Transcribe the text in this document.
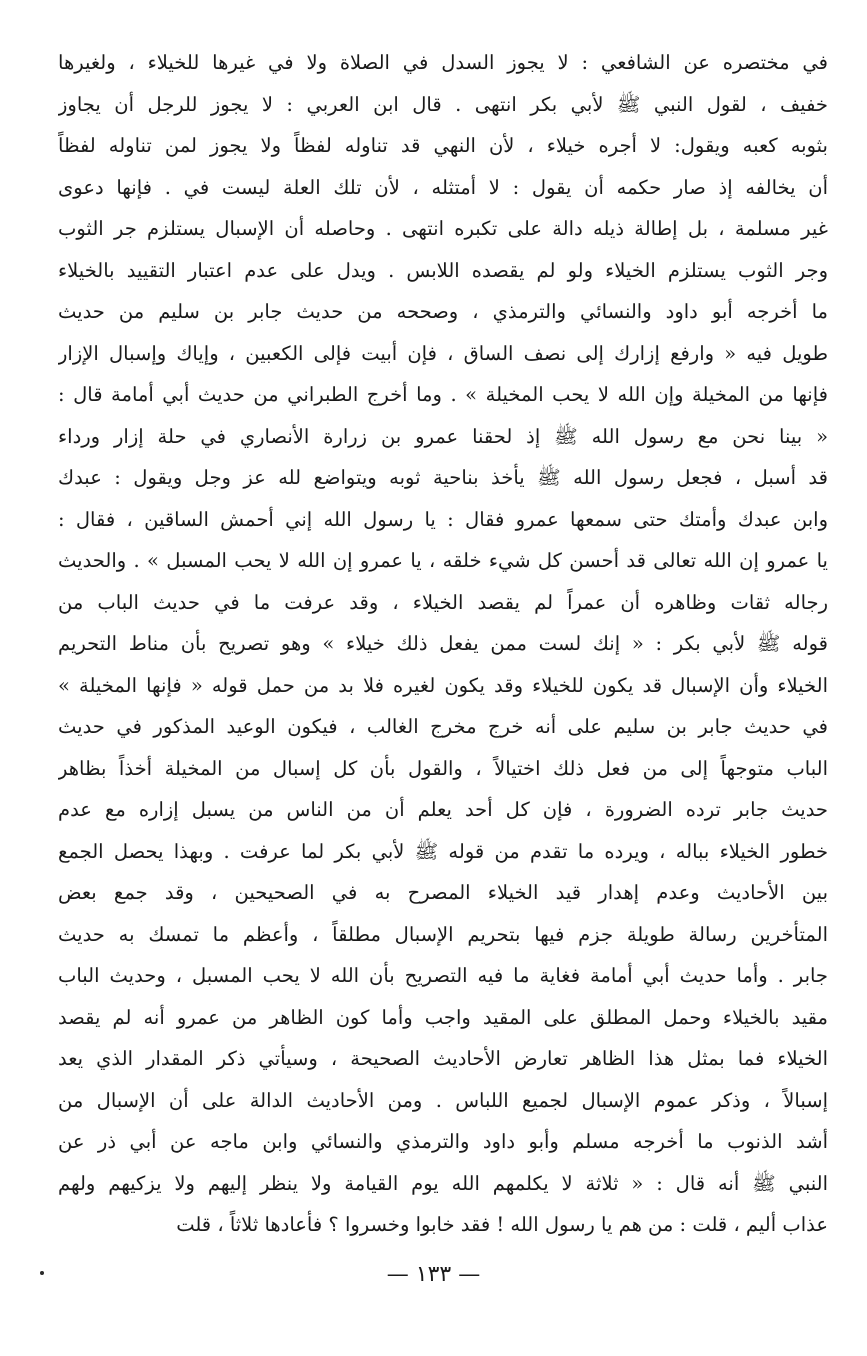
في مختصره عن الشافعي : لا يجوز السدل في الصلاة ولا في غيرها للخيلاء ، ولغيرها
خفيف ، لقول النبي ﷺ لأبي بكر انتهى . قال ابن العربي : لا يجوز للرجل أن يجاوز
بثوبه كعبه ويقول: لا أجره خيلاء ، لأن النهي قد تناوله لفظاً ولا يجوز لمن تناوله لفظاً
أن يخالفه إذ صار حكمه أن يقول : لا أمتثله ، لأن تلك العلة ليست في . فإنها دعوى
غير مسلمة ، بل إطالة ذيله دالة على تكبره انتهى . وحاصله أن الإسبال يستلزم جر الثوب
وجر الثوب يستلزم الخيلاء ولو لم يقصده اللابس . ويدل على عدم اعتبار التقييد بالخيلاء
ما أخرجه أبو داود والنسائي والترمذي ، وصححه من حديث جابر بن سليم من حديث
طويل فيه « وارفع إزارك إلى نصف الساق ، فإن أبيت فإلى الكعبين ، وإياك وإسبال الإزار
فإنها من المخيلة وإن الله لا يحب المخيلة » . وما أخرج الطبراني من حديث أبي أمامة قال :
« بينا نحن مع رسول الله ﷺ إذ لحقنا عمرو بن زرارة الأنصاري في حلة إزار ورداء
قد أسبل ، فجعل رسول الله ﷺ يأخذ بناحية ثوبه ويتواضع لله عز وجل ويقول : عبدك
وابن عبدك وأمتك حتى سمعها عمرو فقال : يا رسول الله إني أحمش الساقين ، فقال :
يا عمرو إن الله تعالى قد أحسن كل شيء خلقه ، يا عمرو إن الله لا يحب المسبل » . والحديث
رجاله ثقات وظاهره أن عمراً لم يقصد الخيلاء ، وقد عرفت ما في حديث الباب من
قوله ﷺ لأبي بكر : « إنك لست ممن يفعل ذلك خيلاء » وهو تصريح بأن مناط التحريم
الخيلاء وأن الإسبال قد يكون للخيلاء وقد يكون لغيره فلا بد من حمل قوله « فإنها المخيلة »
في حديث جابر بن سليم على أنه خرج مخرج الغالب ، فيكون الوعيد المذكور في حديث
الباب متوجهاً إلى من فعل ذلك اختيالاً ، والقول بأن كل إسبال من المخيلة أخذاً بظاهر
حديث جابر ترده الضرورة ، فإن كل أحد يعلم أن من الناس من يسبل إزاره مع عدم
خطور الخيلاء بباله ، ويرده ما تقدم من قوله ﷺ لأبي بكر لما عرفت . وبهذا يحصل الجمع
بين الأحاديث وعدم إهدار قيد الخيلاء المصرح به في الصحيحين ، وقد جمع بعض
المتأخرين رسالة طويلة جزم فيها بتحريم الإسبال مطلقاً ، وأعظم ما تمسك به حديث
جابر . وأما حديث أبي أمامة فغاية ما فيه التصريح بأن الله لا يحب المسبل ، وحديث الباب
مقيد بالخيلاء وحمل المطلق على المقيد واجب وأما كون الظاهر من عمرو أنه لم يقصد
الخيلاء فما بمثل هذا الظاهر تعارض الأحاديث الصحيحة ، وسيأتي ذكر المقدار الذي يعد
إسبالاً ، وذكر عموم الإسبال لجميع اللباس . ومن الأحاديث الدالة على أن الإسبال من
أشد الذنوب ما أخرجه مسلم وأبو داود والترمذي والنسائي وابن ماجه عن أبي ذر عن
النبي ﷺ أنه قال : « ثلاثة لا يكلمهم الله يوم القيامة ولا ينظر إليهم ولا يزكيهم ولهم
عذاب أليم ، قلت : من هم يا رسول الله ! فقد خابوا وخسروا ؟ فأعادها ثلاثاً ، قلت
— ١٣٣ —
